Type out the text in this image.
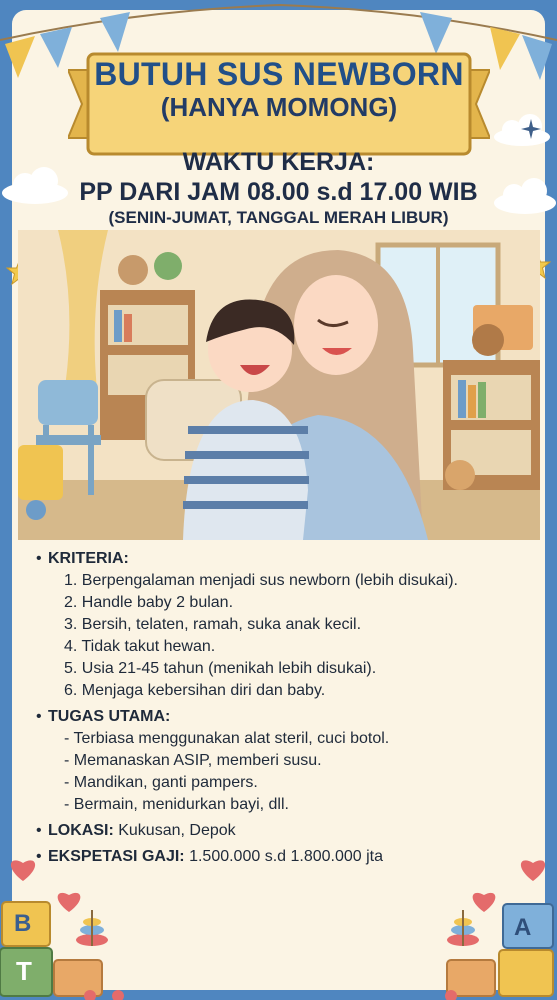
BUTUH SUS NEWBORN
(HANYA MOMONG)
WAKTU KERJA:
PP DARI JAM 08.00 s.d 17.00 WIB
(SENIN-JUMAT, TANGGAL MERAH LIBUR)
• KRITERIA:
1. Berpengalaman menjadi sus newborn (lebih disukai).
2. Handle baby 2 bulan.
3. Bersih, telaten, ramah, suka anak kecil.
4. Tidak takut hewan.
5. Usia 21-45 tahun (menikah lebih disukai).
6. Menjaga kebersihan diri dan baby.
• TUGAS UTAMA:
- Terbiasa menggunakan alat steril, cuci botol.
- Memanaskan ASIP, memberi susu.
- Mandikan, ganti pampers.
- Bermain, menidurkan bayi, dll.
• LOKASI: Kukusan, Depok
• EKSPETASI GAJI: 1.500.000 s.d 1.800.000 jta
B
T
A
